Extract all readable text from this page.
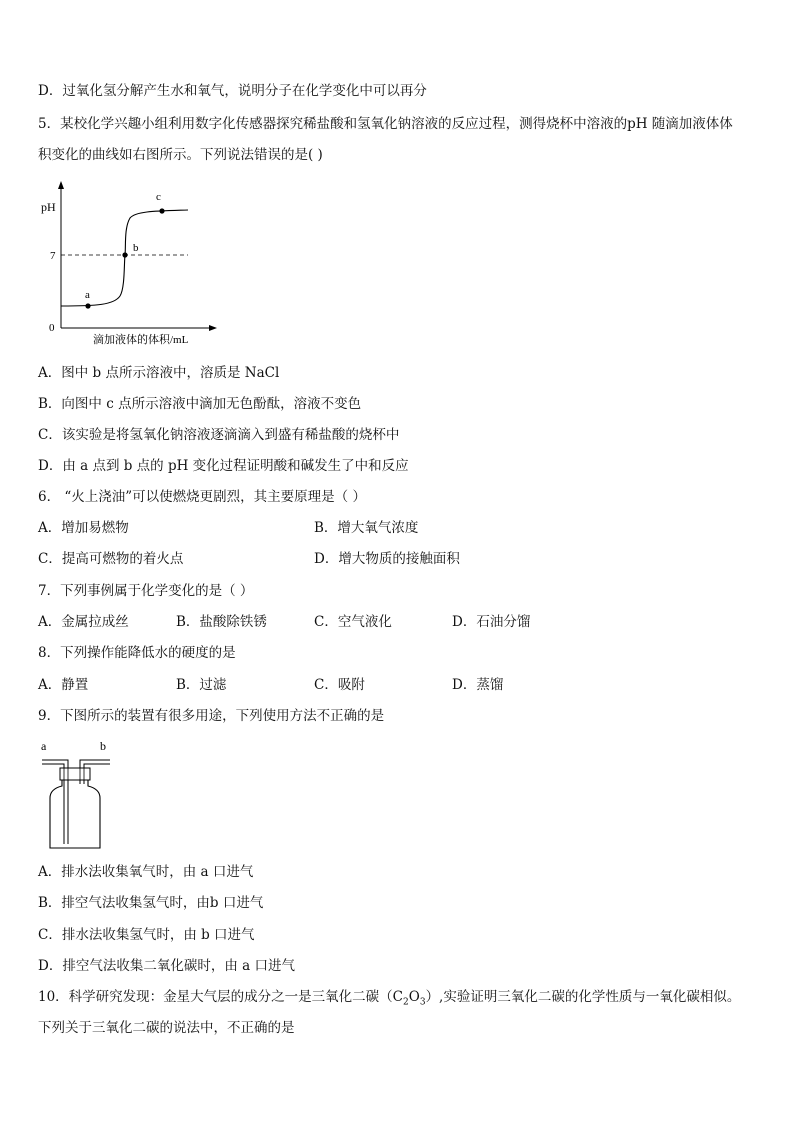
D．过氧化氢分解产生水和氧气，说明分子在化学变化中可以再分
5．某校化学兴趣小组利用数字化传感器探究稀盐酸和氢氧化钠溶液的反应过程，测得烧杯中溶液的pH 随滴加液体体
积变化的曲线如右图所示。下列说法错误的是( )
pH
7
0
a
b
c
滴加液体的体积/mL
A．图中 b 点所示溶液中，溶质是 NaCl
B．向图中 c 点所示溶液中滴加无色酚酞，溶液不变色
C．该实验是将氢氧化钠溶液逐滴滴入到盛有稀盐酸的烧杯中
D．由 a 点到 b 点的 pH 变化过程证明酸和碱发生了中和反应
6． “火上浇油”可以使燃烧更剧烈，其主要原理是（ ）
A．增加易燃物	B．增大氧气浓度
C．提高可燃物的着火点	D．增大物质的接触面积
7．下列事例属于化学变化的是（ ）
A．金属拉成丝	B．盐酸除铁锈	C．空气液化	D．石油分馏
8．下列操作能降低水的硬度的是
A．静置	B．过滤	C．吸附	D．蒸馏
9．下图所示的装置有很多用途，下列使用方法不正确的是
a	b
A．排水法收集氧气时，由 a 口进气
B．排空气法收集氢气时，由b 口进气
C．排水法收集氢气时，由 b 口进气
D．排空气法收集二氧化碳时，由 a 口进气
10．科学研究发现：金星大气层的成分之一是三氧化二碳$(C_2O_3)$,实验证明三氧化二碳的化学性质与一氧化碳相似。
下列关于三氧化二碳的说法中，不正确的是
